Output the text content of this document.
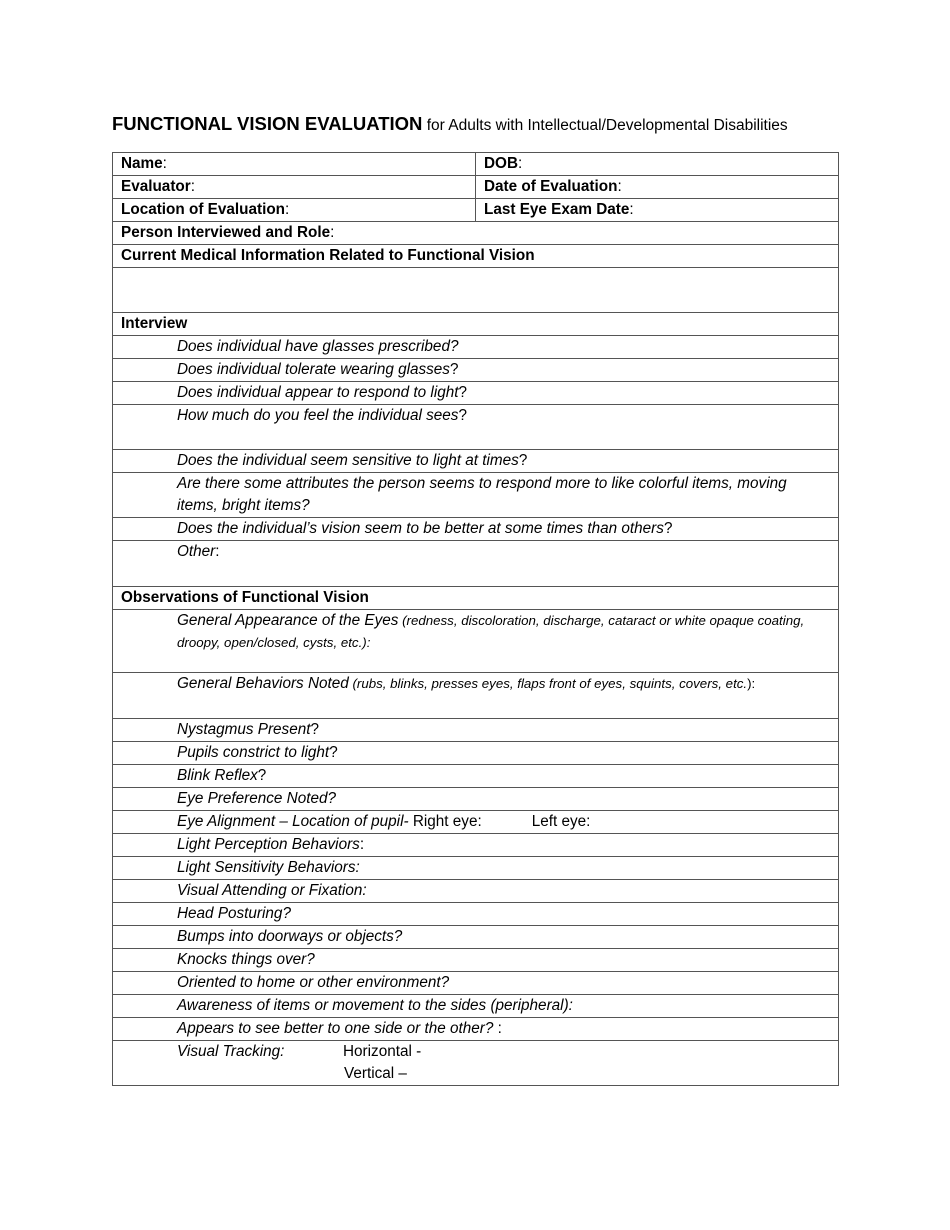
FUNCTIONAL VISION EVALUATION for Adults with Intellectual/Developmental Disabilities
Name:	DOB:
Evaluator:	Date of Evaluation:
Location of Evaluation:	Last Eye Exam Date:
Person Interviewed and Role:	
Current Medical Information Related to Functional Vision	

Interview	
Does individual have glasses prescribed?	
Does individual tolerate wearing glasses?	
Does individual appear to respond to light?	
How much do you feel the individual sees?	
Does the individual seem sensitive to light at times?	
Are there some attributes the person seems to respond more to like colorful items, moving items, bright items?	
Does the individual’s vision seem to be better at some times than others?	
Other:	
Observations of Functional Vision	
General Appearance of the Eyes (redness, discoloration, discharge, cataract or white opaque coating, droopy, open/closed, cysts, etc.):	
General Behaviors Noted (rubs, blinks, presses eyes, flaps front of eyes, squints, covers, etc.):	
Nystagmus Present?	
Pupils constrict to light?	
Blink Reflex?	
Eye Preference Noted?	
Eye Alignment – Location of pupil- Right eye: Left eye:	
Light Perception Behaviors:	
Light Sensitivity Behaviors:	
Visual Attending or Fixation:	
Head Posturing?	
Bumps into doorways or objects?	
Knocks things over?	
Oriented to home or other environment?	
Awareness of items or movement to the sides (peripheral):	
Appears to see better to one side or the other? :	
Visual Tracking: Horizontal -
Vertical –	
